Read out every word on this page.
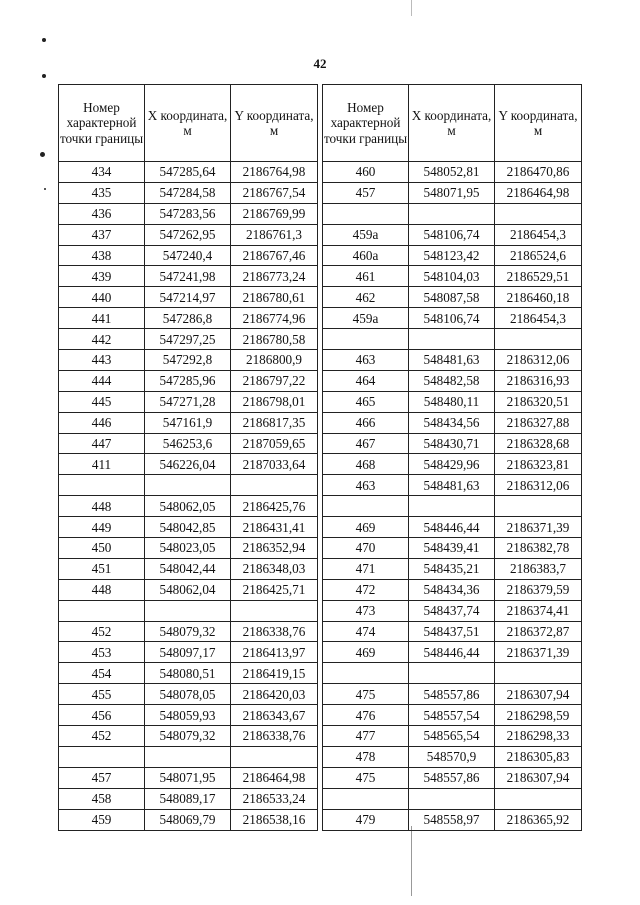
42
Номер характерной точки границы	X координата, м	Y координата, м
434	547285,64	2186764,98
435	547284,58	2186767,54
436	547283,56	2186769,99
437	547262,95	2186761,3
438	547240,4	2186767,46
439	547241,98	2186773,24
440	547214,97	2186780,61
441	547286,8	2186774,96
442	547297,25	2186780,58
443	547292,8	2186800,9
444	547285,96	2186797,22
445	547271,28	2186798,01
446	547161,9	2186817,35
447	546253,6	2187059,65
411	546226,04	2187033,64

448	548062,05	2186425,76
449	548042,85	2186431,41
450	548023,05	2186352,94
451	548042,44	2186348,03
448	548062,04	2186425,71

452	548079,32	2186338,76
453	548097,17	2186413,97
454	548080,51	2186419,15
455	548078,05	2186420,03
456	548059,93	2186343,67
452	548079,32	2186338,76

457	548071,95	2186464,98
458	548089,17	2186533,24
459	548069,79	2186538,16
Номер характерной точки границы	X координата, м	Y координата, м
460	548052,81	2186470,86
457	548071,95	2186464,98

459а	548106,74	2186454,3
460а	548123,42	2186524,6
461	548104,03	2186529,51
462	548087,58	2186460,18
459а	548106,74	2186454,3

463	548481,63	2186312,06
464	548482,58	2186316,93
465	548480,11	2186320,51
466	548434,56	2186327,88
467	548430,71	2186328,68
468	548429,96	2186323,81
463	548481,63	2186312,06

469	548446,44	2186371,39
470	548439,41	2186382,78
471	548435,21	2186383,7
472	548434,36	2186379,59
473	548437,74	2186374,41
474	548437,51	2186372,87
469	548446,44	2186371,39

475	548557,86	2186307,94
476	548557,54	2186298,59
477	548565,54	2186298,33
478	548570,9	2186305,83
475	548557,86	2186307,94

479	548558,97	2186365,92
